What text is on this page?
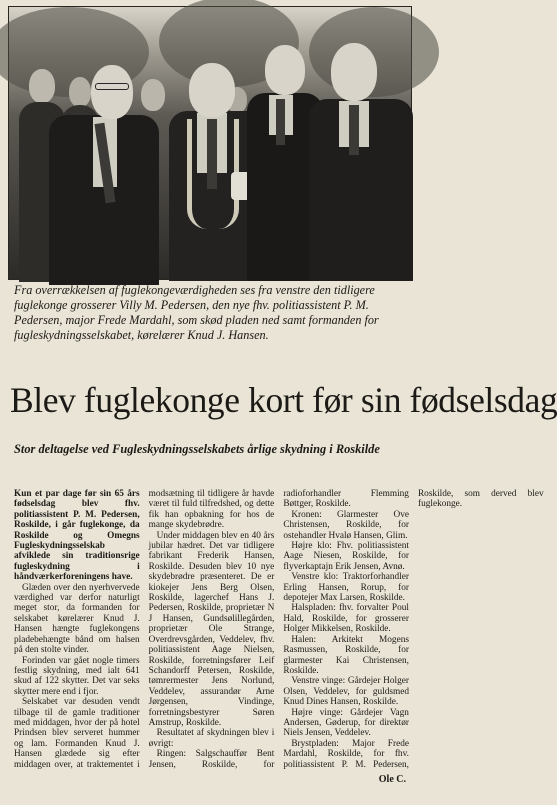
Fra overrækkelsen af fuglekongeværdigheden ses fra venstre den tidligere fuglekonge grosserer Villy M. Pedersen, den nye fhv. politiassistent P. M. Pedersen, major Frede Mardahl, som skød pladen ned samt formanden for fugleskydningsselskabet, kørelærer Knud J. Hansen.
Blev fuglekonge kort før sin fødselsdag
Stor deltagelse ved Fugleskydningsselskabets årlige skydning i Roskilde

Kun et par dage før sin 65 års fødselsdag blev fhv. politiassistent P. M. Pedersen, Roskilde, i går fuglekonge, da Roskilde og Omegns Fugleskydningsselskab afviklede sin traditionsrige fugleskydning i håndværkerforeningens have.

Glæden over den nyerhvervede værdighed var derfor naturligt meget stor, da formanden for selskabet kørelærer Knud J. Hansen hængte fuglekongens pladebehængte bånd om halsen på den stolte vinder.

Forinden var gået nogle timers festlig skydning, med ialt 641 skud af 122 skytter. Det var seks skytter mere end i fjor.

Selskabet var desuden vendt tilbage til de gamle traditioner med middagen, hvor der på hotel Prindsen blev serveret hummer og lam. Formanden Knud J. Hansen glædede sig efter middagen over, at traktementet i modsætning til tidligere år havde været til fuld tilfredshed, og dette fik han opbakning for hos de mange skydebrødre.

Under middagen blev en 40 års jubilar hædret. Det var tidligere fabrikant Frederik Hansen, Roskilde. Desuden blev 10 nye skydebrødre præsenteret. De er kiokejer Jens Berg Olsen, Roskilde, lagerchef Hans J. Pedersen, Roskilde, proprietær N J Hansen, Gundsølillegården, proprietær Ole Strange, Overdrevsgården, Veddelev, fhv. politiassistent Aage Nielsen, Roskilde, forretningsfører Leif Schandorff Petersen, Roskilde, tømrermester Jens Norlund, Veddelev, assurandør Arne Jørgensen, Vindinge, forretningsbestyrer Søren Amstrup, Roskilde.

Resultatet af skydningen blev i øvrigt:

Ringen: Salgschauffør Bent Jensen, Roskilde, for radioforhandler Flemming Bøttger, Roskilde.

Kronen: Glarmester Ove Christensen, Roskilde, for ostehandler Hvalø Hansen, Glim.

Højre klo: Fhv. politiassistent Aage Niesen, Roskilde, for flyverkaptajn Erik Jensen, Avnø.

Venstre klo: Traktorforhandler Erling Hansen, Rorup, for depotejer Max Larsen, Roskilde.

Halspladen: fhv. forvalter Poul Hald, Roskilde, for grosserer Holger Mikkelsen, Roskilde.

Halen: Arkitekt Mogens Rasmussen, Roskilde, for glarmester Kai Christensen, Roskilde.

Venstre vinge: Gårdejer Holger Olsen, Veddelev, for guldsmed Knud Dines Hansen, Roskilde.

Højre vinge: Gårdejer Vagn Andersen, Gøderup, for direktør Niels Jensen, Veddelev.

Brystpladen: Major Frede Mardahl, Roskilde, for fhv. politiassistent P. M. Pedersen, Roskilde, som derved blev fuglekonge.

Ole C.
